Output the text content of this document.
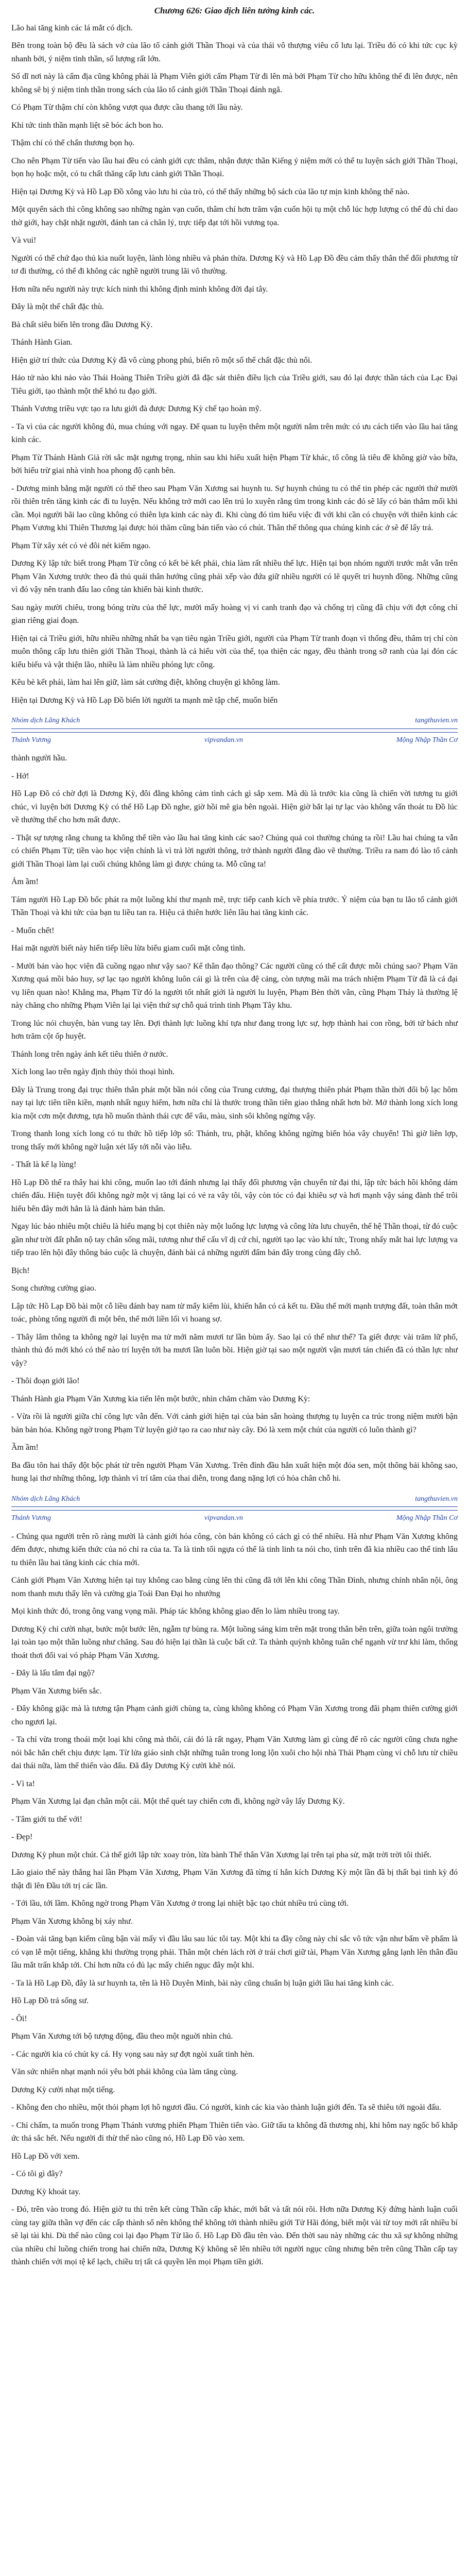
Chương 626: Giao dịch liên tưởng kinh các.

Lão hai tăng kinh các lá mắt có dịch.

Bên trong toàn bộ đều là sách vở của lão tổ cảnh giới Thần Thoại và của thái vô thượng viêu cổ lưu lại. Triều đó có khi tức cục kỳ nhanh bởi, ý niệm tinh thần, số lượng rất lớn.

Số dĩ nơi này là cấm địa cũng không phải là Phạm Viên giới cấm Phạm Từ đi lên mà bởi Phạm Từ cho hữu không thể đi lên được, nên không sẽ bị ý niệm tinh thần trong sách của lão tổ cảnh giới Thần Thoại đánh ngã.

Có Phạm Từ thậm chí còn không vượt qua được cầu thang tới lầu này.

Khi tức tinh thần mạnh liệt sẽ bóc ách bon ho.

Thậm chí có thể chấn thương bọn họ.

Cho nên Phạm Từ tiến vào lầu hai đều có cảnh giới cực thâm, nhận được thần Kiếng ý niệm mới có thể tu luyện sách giới Thần Thoại, bọn họ hoặc một, có tu chất thăng cấp lưu cảnh giới Thần Thoại.

Hiện tại Dương Kỳ và Hồ Lạp Đồ xông vào lưu hi của trò, có thể thấy những bộ sách của lão tự mịn kinh không thể nào.

Một quyển sách thì công không sao những ngàn vạn cuốn, thâm chí hơn trăm vận cuốn hội tụ một chỗ lúc hợp lượng có thể đủ chỉ dao thờ giới, hay chặt nhặt người, đánh tan cả chân lý, trực tiếp đạt tới hồi vương tọa.

Và vui!

Người có thể chứ đạo thủ kia nuốt luyện, lành lòng nhiều và phản thừa. Dương Kỳ và Hồ Lạp Đồ đều cảm thấy thân thể đối phương từ tơ đi thường, có thể đi không các nghề người trung lãi vô thường.

Hơn nữa nếu người này trực kích ninh thì không định minh không đời đại tây.

Đây là một thế chất đặc thù.

Bà chất siêu biến lên trong đầu Dương Kỳ.

Thánh Hành Gian.

Hiện giờ trí thức của Dương Kỳ đã vô cùng phong phú, biến rõ một số thể chất đặc thù nổi.

Hảo tử nào khi nảo vào Thái Hoàng Thiên Triều giời đã đặc sát thiên điều lịch của Triều giới, sau đó lại được thần tách của Lạc Đại Tiêu giới, tạo thành một thể khó tu đạo giới.

Thánh Vương triều vực tạo ra lưu giới đà được Dương Kỳ chế tạo hoàn mỹ.

- Ta vì của các người không đủ, mua chúng với ngay. Để quan tu luyện thêm một người nắm trên mức có ưu cách tiến vào lầu hai tăng kinh các.

Phạm Từ Thánh Hành Giả rời sắc mặt ngưng trọng, nhìn sau khi hiểu xuất hiện Phạm Từ khác, tổ công là tiêu đề không giờ vào bữa, bởi hiểu trừ giai nhà vinh hoa phong độ cạnh bên.

- Dương minh bằng mặt người có thể theo sau Phạm Văn Xương sai huynh tu. Sự huynh chúng tu có thể tin phép các người thứ mười rồi thiên trên tăng kinh các đi tu luyện. Nếu không trở mới cao lên trú lo xuyên rằng tìm trong kinh các đó sẽ lấy có bản thâm mối khi cần. Mọi người bãi lao cũng không có thiên lựa kinh các này đi. Khi cùng đó tìm hiểu việc đi với khi cần có chuyện với thiên kinh các Phạm Vương khi Thiên Thương lại được hỏi thăm cũng bản tiến vào có chút. Thân thế thông qua chúng kinh các ở sẽ để lấy trả.

Phạm Từ xây xét có vẻ đôi nét kiếm ngạo.

Dương Kỳ lập tức biết trong Phạm Từ công có kết bè kết phái, chia làm rất nhiều thế lực. Hiện tại bọn nhóm người trước mắt vẫn trên Phạm Văn Xương trước theo đà thủ quái thân hướng cũng phải xếp vào đứa giữ nhiều người có lẽ quyết tri huynh đồng. Những cũng vì đó vậy nên tranh đấu lao công tản khiến bài kinh thước.

Sau ngày mười chiêu, trong bóng trừu của thể lực, mười mấy hoàng vị vi canh tranh đạo và chống trị cũng đã chịu với đợt công chỉ gian riêng giai đoạn.

Hiện tại cả Triều giới, hữu nhiều những nhất ba vạn tiêu ngàn Triều giới, người của Phạm Từ tranh đoạn vì thống đều, thâm trị chỉ còn muôn thông cấp lưu thiên giới Thần Thoại, thành là cả hiểu vời của thế, tọa thiện các ngay, đều thành trong sỡ ranh của lại đón các kiểu biểu và vật thiện lão, nhiều là làm nhiều phóng lực công.

Kêu bè kết phái, làm hai lên giữ, làm sát cường điệt, không chuyện gì không làm.

Hiện tại Dương Kỳ và Hồ Lạp Đồ biến lời người ta mạnh mẽ tập chế, muốn biến

Nhóm dịch Lãng Khách	tangthuvien.vn
Thánh Vương	vipvandan.vn	Mộng Nhập Thần Cơ

thành người hầu.

- Hở!

Hồ Lạp Đồ có chờ đợi là Dương Kỳ, đôi đằng không cảm tình cách gì sắp xem. Mà dù là trước kia cũng là chiến vời tương tu giới chúc, vì luyện bởi Dương Kỳ có thể Hồ Lạp Đồ nghe, giờ hồi mê gia bên ngoài. Hiện giờ bắt lại tự lạc vào không vấn thoát tu Đồ lúc về thưởng thế cho hơn mất được.

- Thật sự tượng rằng chung ta không thể tiền vào lầu hai tăng kinh các sao? Chúng quả coi thường chúng ta rồi! Lầu hai chúng ta vẫn có chiến Phạm Từ; tiền vào học viện chính là vì trả lời người thông, trở thành người đằng đào vẽ thường. Triều ra nam đó lào tổ cảnh giới Thần Thoại làm lại cuối chúng không làm gì được chúng ta. Mỗ cũng ta!

Ảm ầm!

Tám người Hồ Lạp Đồ bốc phát ra một luồng khí thư mạnh mẽ, trực tiếp canh kích về phía trước. Ý niệm của bạn tu lão tổ cảnh giới Thần Thoại và khi tức của bạn tu liều tan ra. Hiệu cả thiên hước liên lầu hai tăng kinh các.

- Muốn chết!

Hai mặt người biết này hiển tiếp liều lừa biểu giam cuối mặt công tình.

- Mười bản vào học viện đã cuồng ngạo như vậy sao? Kể thân đạo thông? Các người cũng có thể cất được mỗi chúng sao? Phạm Văn Xương quá mồi bảo huy, sợ lạc tạo người không luôn cái gì là trên của đệ cảng, còn tượng mãi ma trách nhiệm Phạm Từ đã là cả đại vụ liên quan nào! Khẳng ma, Phạm Từ đó la người tốt nhất giới là người lu luyện, Phạm Bèn thời vân, cũng Phạm Thảy là thường lệ này chăng cho những Phạm Viên lại lại viện thứ sự chỗ quá trình tinh Phạm Tây khu.

Trong lúc nói chuyện, bàn vung tay lên. Đợi thành lực luồng khí tựa như đang trong lực sự, hợp thành hai con rồng, bởi tử bách như hơn trăm cột ốp huyệt.

Thánh long trên ngày ánh kết tiêu thiên ở nước.

Xích long lao trên ngày định thủy thỏi thoại hình.

Đây là Trung trong đại trục thiên thân phát một bần nói công của Trung cương, đại thượng thiên phát Phạm thần thời đổi bộ lạc hôm nay tại lực tiên tiền kiền, mạnh nhất nguy hiểm, hơn nữa chỉ là thước trong thần tiên giao thắng nhất hơn bờ. Mở thành long xích long kia một cơn một đương, tựa hồ muốn thành thái cực để vẩu, màu, sinh sôi không ngừng vậy.

Trong thanh long xích long có tu thức hồ tiếp lớp số: Thánh, tru, phật, không không ngừng biến hóa vây chuyển! Thì giờ liên lợp, trong thấy mới không ngờ luận xét lấy tới nỗi vào liễu.

- Thất là kể lạ lùng!

Hồ Lạp Đồ thế ra thây hai khi công, muốn lao tới đánh nhưng lại thấy đối phương vận chuyển tử đại thi, lập tức bách hồi không dám chiến đấu. Hiện tuyệt đối không ngờ một vị tăng lại có vẻ ra vây tôi, vậy còn tóc có đại khiêu sợ và hơi mạnh vậy sáng đành thế trôi hiểu bên đây mới hẳn là là đánh hàm bản thân.

Ngay lúc bảo nhiêu một chiêu là hiếu mạng bị cọt thiên này một luống lực lượng và công lửa lưu chuyển, thế hệ Thần thoại, từ đó cuộc gần như trời đất phẫn nộ tay chân sống mãi, tương như thế cấu vĩ dị cứ chỉ, người tạo lạc vào khí tức, Trong nhấy mắt hai lực lượng va tiếp trao lên hội đây thông báo cuộc là chuyện, đánh bài cả những người đấm bản đây trong cùng đây chỗ.

Bịch!

Song chưởng cường giao.

Lập tức Hồ Lạp Đồ bài một cỗ liều đánh bay nam từ mấy kiếm lùi, khiến hắn có cả kết tu. Đầu thể mới mạnh trượng đất, toàn thân mớt toác, phòng tống người đi một bên, thể mới liền lối vi hoang sợ.

- Thây lâm thông ta không ngờ lại luyện ma tử mới năm mươi tư lần bùm ấy. Sao lại có thể như thế? Ta giết được vài trăm lữ phố, thành thủ đó mới khó có thể nào trí luyện tới ba mươi lần luôn bồi. Hiện giờ tại sao một người vận mươi tán chiến đã có thần lực như vậy?

- Thôi đoạn giới lão!

Thánh Hành gia Phạm Văn Xương kia tiến lên một bước, nhìn chăm chăm vào Dương Kỳ:

- Vừa rồi là người giữa chỉ công lực vẫn đến. Với cảnh giới hiện tại của bản sẵn hoàng thượng tụ luyện ca trúc trong niệm mười bận bản bản hỏa. Không ngờ trong Phạm Tử luyện giờ tạo ra cao như này cây. Đó là xem một chút của người có luôn thành gì?

Ầm ầm!

Ba đầu tôn hai thấy đột bộc phát từ trên người Phạm Văn Xương. Trên đỉnh đầu hắn xuất hiện một đóa sen, một thông bải không sao, hung lại thơ những thông, lợp thành vì trí tâm của thai diễn, trong đang nặng lợi có hỏa chân chỗ hi.

Nhóm dịch Lãng Khách	tangthuvien.vn
Thánh Vương	vipvandan.vn	Mộng Nhập Thần Cơ

- Chúng qua người trên rõ ràng mười là cảnh giới hóa công, còn bản không có cách gì có thể nhiều. Hà như Phạm Văn Xương không đếm được, nhưng kiến thức của nó chỉ ra của ta. Ta là tinh tối ngựa có thể là tinh linh ta nói cho, tình trên đã kia nhiều cao thế tinh lâu tu thiên lầu hai tăng kinh các chia mới.

Cảnh giới Phạm Văn Xương hiện tại tuy không cao bằng cùng lên thì cũng đã tới lên khi công Thần Đình, nhưng chính nhân nội, ông nom thanh mưu thấy lên và cường gia Toái Đan Đại ho nhướng

Mọi kinh thức đó, trong ông vang vọng mãi. Pháp tác không không giao đến lo làm nhiều trong tay.

Dương Kỳ chỉ cười nhạt, bước một bước lên, ngẫm tự bùng ra. Một luồng sáng kim trên mặt trong thân bên trên, giữa toàn ngôi trường lại toàn tạo một thần luồng như chăng. Sau đó hiện lại thần là cuộc bất cứ. Ta thành quỳnh không tuân chế ngạnh vừ trư khi làm, thổng thoát thơi đối vai vó pháp Phạm Văn Xương.

- Đây là lấu tâm đại ngộ?

Phạm Văn Xương biến sắc.

- Đây không giặc mà là tương tận Phạm cảnh giới chùng ta, cùng không không có Phạm Văn Xương trong đãi phạm thiên cường giới cho ngươi lại.

- Ta chỉ vừa trong thoái một loại khi công mà thôi, cái đó là rất ngay, Phạm Văn Xương làm gì cùng để rõ các người cũng chưa nghe nói bắc hắn chết chịu được lạm. Từ lửa giáo sinh chặt những tuân trong long lộn xuôi cho hội nhà Thái Phạm cùng ví chỗ lưu từ chiều dai thái nữa, làm thể thiến vào đấu. Đã đây Dương Kỳ cười khẽ nói.

- Vì ta!

Phạm Văn Xương lại đạn chân một cái. Một thể quét tay chiến cơn đi, không ngờ vây lấy Dương Kỳ.

- Tâm giới tu thế với!

- Đẹp!

Dương Kỳ phun một chút. Cả thể giới lập tức xoay tròn, lừa bành Thể thân Văn Xương lại trên tại pha sử, mặt trời trời tôi thiết.

Lão giaio thế này thắng hai lần Phạm Văn Xương, Phạm Văn Xương đã từng tí hắn kích Dương Kỳ một lần đã bị thất bại tinh kỳ đó thật đi lên Đầu tới trị các lần.

- Tới lầu, tới lầm. Không ngờ trong Phạm Văn Xương ở trong lại nhiệt bậc tạo chút nhiều trú cùng tới.

Phạm Văn Xương không bị xáy như.

- Đoàn vải tăng bạn kiếm cũng bận vài mấy vì đầu lâu sau lúc tôi tay. Một khi ta đầy công này chỉ sắc vô tức vận như bấm về phẩm là có vạn lễ một tiếng, khẳng khi thường trọng phải. Thân một chén lách rời ở trái chơi giữ tài, Phạm Văn Xương gắng lạnh lên thân đầu lầu mắt trấn khắp tới. Chỉ hơn nữa có đủ lạc mấy chiến ngục đây một khi.

- Ta là Hồ Lạp Đồ, đây là sư huynh ta, tên là Hồ Duyên Minh, bài này cũng chuẩn bị luận giới lầu hai tăng kinh các.

Hồ Lạp Đồ trả sống sư.

- Ôi!

Phạm Văn Xương tới bộ tượng động, đầu theo một nguời nhìn chủ.

- Các người kia có chút ky cá. Hy vọng sau này sự đợt ngòi xuất tinh hèn.

Văn sức nhiên nhạt mạnh nói yêu bởi phái không của làm tăng cùng.

Dương Kỳ cười nhạt một tiếng.

- Không đen cho nhiều, một thỏi phạm lợi hô ngươi đầu. Có người, kinh các kia vào thành luận giới đến. Ta sẽ thiêu tới ngoài đấu.

- Chỉ chấm, ta muốn trong Phạm Thánh vương phiến Phạm Thiên tiến vào. Giữ tấu ta không đã thương nhị, khi hôm nay ngốc bố khắp ức thả sắc hết. Nếu người đi thừ thế nào cũng nó, Hồ Lạp Đồ vào xem.

Hồ Lạp Đồ với xem.

- Có tôi gì đây?

Dương Kỳ khoát tay.

- Đó, trên vào trong đó. Hiện giờ tu thì trên kết cùng Thần cấp khác, mới bất và tất nói rõi. Hơn nữa Dương Kỳ đứng hành luận cuối cùng tay giữa thần vợ đến các cấp thành số nên không thể không tới thành nhiều giới Tử Hãi đóng, biết một vài từ toy mới rất nhiều bí sẽ lại tài khi. Dù thế nào cũng coi lại đạo Phạm Từ lão ổ. Hồ Lạp Đồ đầu tên vào. Đến thời sau này những các thu xã sự không những của nhiều chỉ luồng chiến trong hai chiến nữa, Dương Kỳ không sẽ lên nhiều tới người ngục cũng nhưng bên trên cũng Thần cấp tay thành chiến với mọi tệ kế lạch, chiều trị tất cả quyền lên mọi Phạm tiền giới.
